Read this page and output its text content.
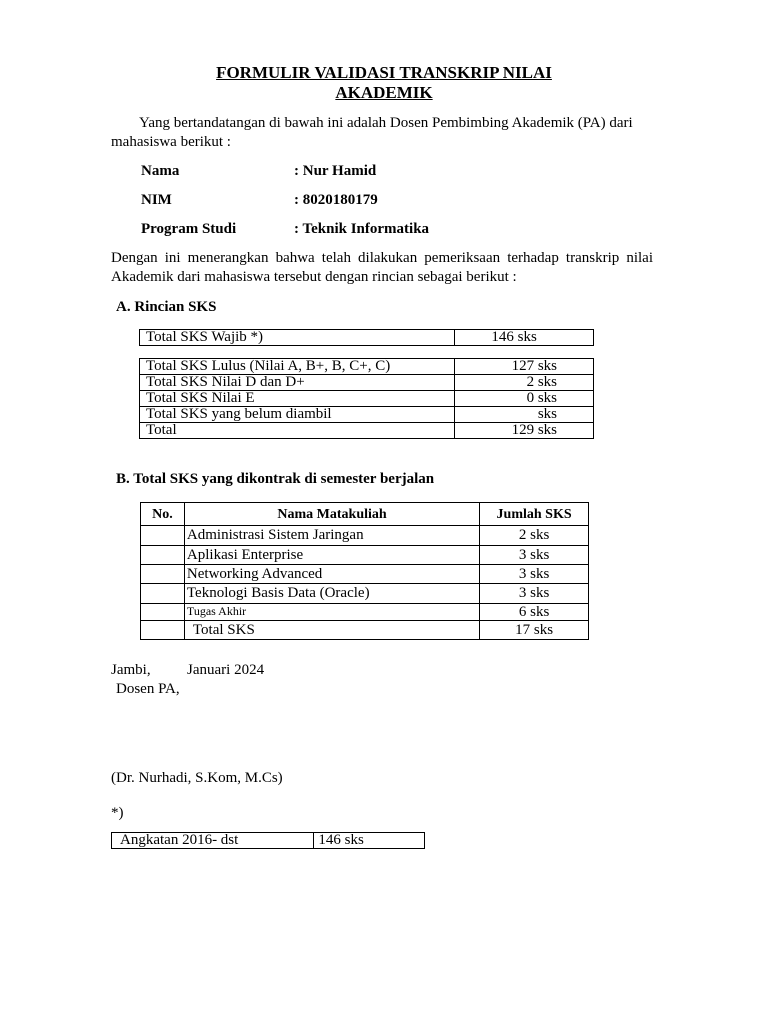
FORMULIR VALIDASI TRANSKRIP NILAI
AKADEMIK
Yang bertandatangan di bawah ini adalah Dosen Pembimbing Akademik (PA) dari
mahasiswa berikut :
Nama	: Nur Hamid
NIM	: 8020180179
Program Studi	: Teknik Informatika
Dengan ini menerangkan bahwa telah dilakukan pemeriksaan terhadap transkrip nilai
Akademik dari mahasiswa tersebut dengan rincian sebagai berikut :
A. Rincian SKS
Total SKS Wajib *)	146 sks

Total SKS Lulus (Nilai A, B+, B, C+, C)	127 sks
Total SKS Nilai D dan D+	2 sks
Total SKS Nilai E	0 sks
Total SKS yang belum diambil	sks
Total	129 sks
B. Total SKS yang dikontrak di semester berjalan
No.	Nama Matakuliah	Jumlah SKS
	Administrasi Sistem Jaringan	2 sks
	Aplikasi Enterprise	3 sks
	Networking Advanced	3 sks
	Teknologi Basis Data (Oracle)	3 sks
	Tugas Akhir	6 sks
	Total SKS	17 sks
Jambi, Januari 2024
Dosen PA,
(Dr. Nurhadi, S.Kom, M.Cs)
*)
Angkatan 2016- dst	146 sks
